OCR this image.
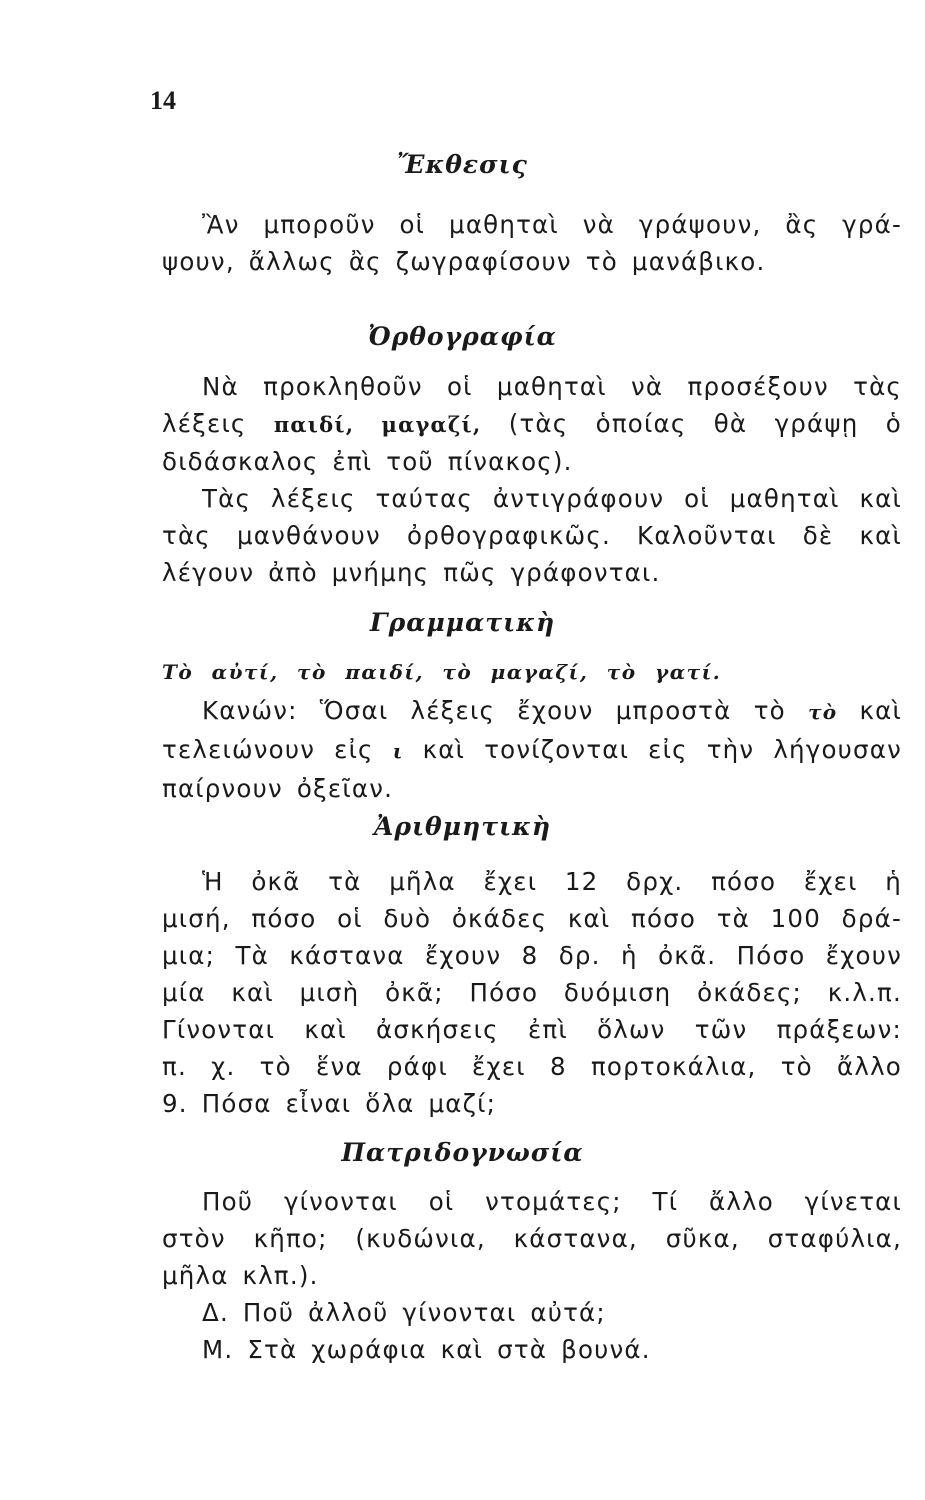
14
Ἔκθεσις
Ἂν μποροῦν οἱ μαθηταὶ νὰ γράψουν, ἂς γρά-
ψουν, ἄλλως ἂς ζωγραφίσουν τὸ μανάβικο.
Ὀρθογραφία
Νὰ προκληθοῦν οἱ μαθηταὶ νὰ προσέξουν τὰς
λέξεις παιδί, μαγαζί, (τὰς ὁποίας θὰ γράψῃ ὁ
διδάσκαλος ἐπὶ τοῦ πίνακος).
Τὰς λέξεις ταύτας ἀντιγράφουν οἱ μαθηταὶ καὶ
τὰς μανθάνουν ὀρθογραφικῶς. Καλοῦνται δὲ καὶ
λέγουν ἀπὸ μνήμης πῶς γράφονται.
Γραμματικὴ
Τὸ αὐτί, τὸ παιδί, τὸ μαγαζί, τὸ γατί.
Κανών: Ὅσαι λέξεις ἔχουν μπροστὰ τὸ τὸ καὶ
τελειώνουν εἰς ι καὶ τονίζονται εἰς τὴν λήγουσαν
παίρνουν ὀξεῖαν.
Ἀριθμητικὴ
Ἡ ὀκᾶ τὰ μῆλα ἔχει 12 δρχ. πόσο ἔχει ἡ
μισή, πόσο οἱ δυὸ ὀκάδες καὶ πόσο τὰ 100 δρά-
μια; Τὰ κάστανα ἔχουν 8 δρ. ἡ ὀκᾶ. Πόσο ἔχουν
μία καὶ μισὴ ὀκᾶ; Πόσο δυόμιση ὀκάδες; κ.λ.π.
Γίνονται καὶ ἀσκήσεις ἐπὶ ὅλων τῶν πράξεων:
π. χ. τὸ ἕνα ράφι ἔχει 8 πορτοκάλια, τὸ ἄλλο
9. Πόσα εἶναι ὅλα μαζί;
Πατριδογνωσία
Ποῦ γίνονται οἱ ντομάτες; Τί ἄλλο γίνεται
στὸν κῆπο; (κυδώνια, κάστανα, σῦκα, σταφύλια,
μῆλα κλπ.).
Δ. Ποῦ ἀλλοῦ γίνονται αὐτά;
Μ. Στὰ χωράφια καὶ στὰ βουνά.
